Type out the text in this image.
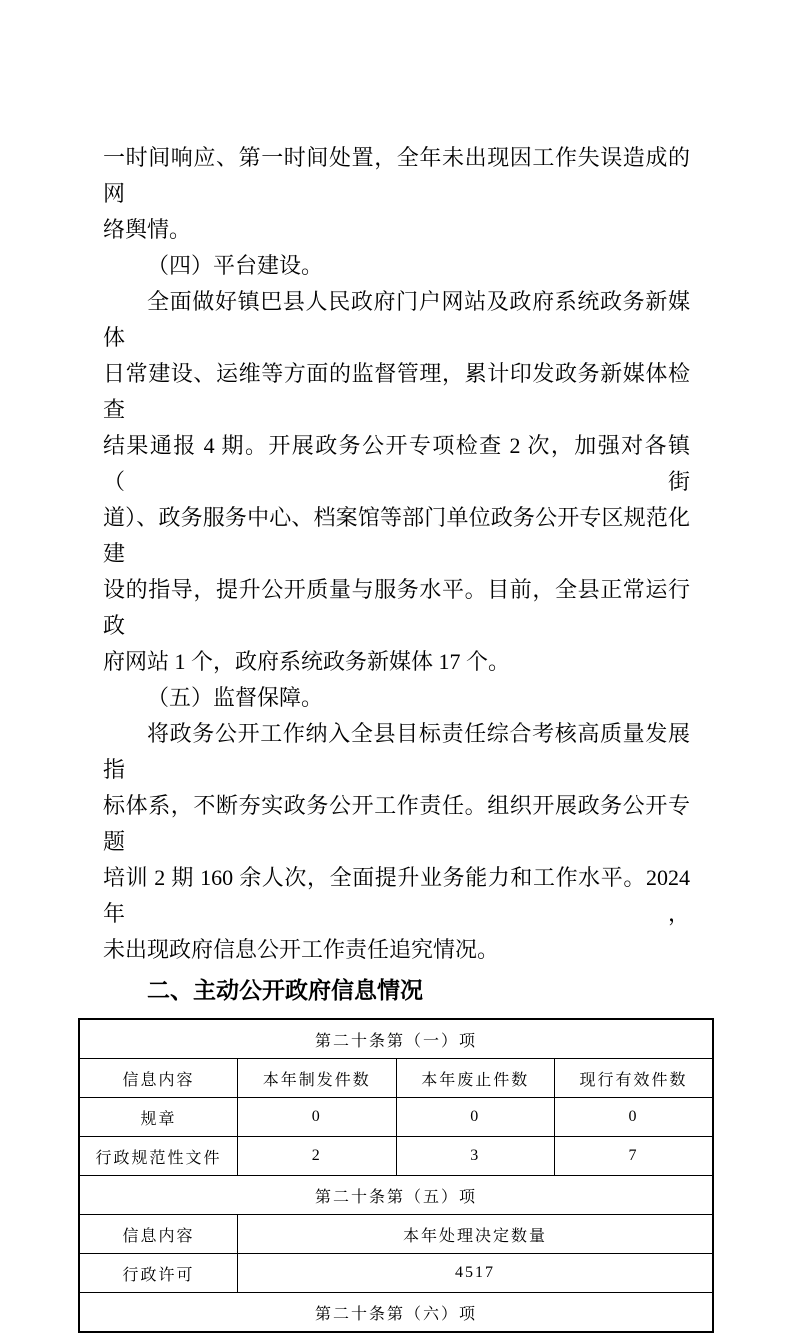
一时间响应、第一时间处置，全年未出现因工作失误造成的网
络舆情。
（四）平台建设。
全面做好镇巴县人民政府门户网站及政府系统政务新媒体
日常建设、运维等方面的监督管理，累计印发政务新媒体检查
结果通报 4 期。开展政务公开专项检查 2 次，加强对各镇（街
道）、政务服务中心、档案馆等部门单位政务公开专区规范化建
设的指导，提升公开质量与服务水平。目前，全县正常运行政
府网站 1 个，政府系统政务新媒体 17 个。
（五）监督保障。
将政务公开工作纳入全县目标责任综合考核高质量发展指
标体系，不断夯实政务公开工作责任。组织开展政务公开专题
培训 2 期 160 余人次，全面提升业务能力和工作水平。2024 年，
未出现政府信息公开工作责任追究情况。
二、主动公开政府信息情况
第二十条第（一）项			
信息内容	本年制发件数	本年废止件数	现行有效件数
规章	0	0	0
行政规范性文件	2	3	7
第二十条第（五）项			
信息内容	本年处理决定数量		
行政许可	4517		
第二十条第（六）项			
